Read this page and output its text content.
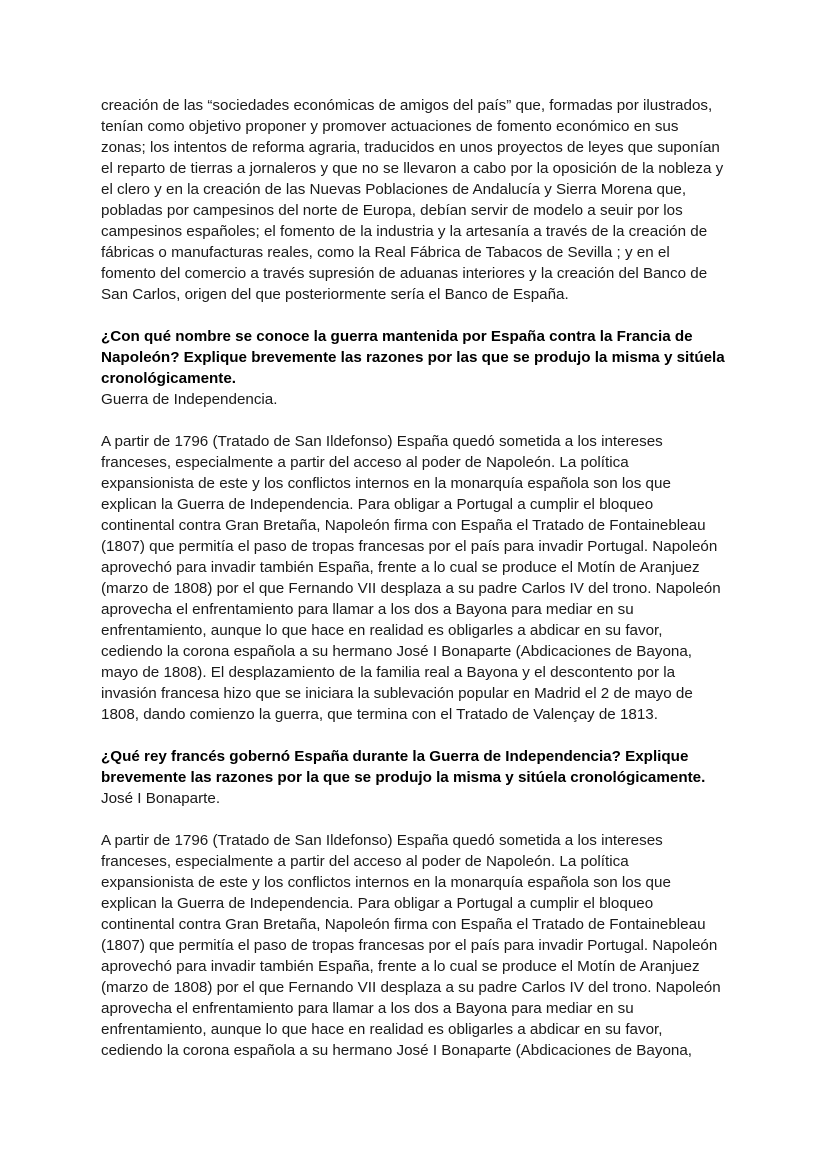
creación de las “sociedades económicas de amigos del país” que, formadas por ilustrados,
tenían como objetivo proponer y promover actuaciones de fomento económico en sus
zonas; los intentos de reforma agraria, traducidos en unos proyectos de leyes que suponían
el reparto de tierras a jornaleros y que no se llevaron a cabo por la oposición de la nobleza y
el clero y en la creación de las Nuevas Poblaciones de Andalucía y Sierra Morena que,
pobladas por campesinos del norte de Europa, debían servir de modelo a seuir por los
campesinos españoles; el fomento de la industria y la artesanía a través de la creación de
fábricas o manufacturas reales, como la Real Fábrica de Tabacos de Sevilla ; y en el
fomento del comercio a través supresión de aduanas interiores y la creación del Banco de
San Carlos, origen del que posteriormente sería el Banco de España.

¿Con qué nombre se conoce la guerra mantenida por España contra la Francia de
Napoleón? Explique brevemente las razones por las que se produjo la misma y sitúela
cronológicamente.

Guerra de Independencia.

A partir de 1796 (Tratado de San Ildefonso) España quedó sometida a los intereses
franceses, especialmente a partir del acceso al poder de Napoleón. La política
expansionista de este y los conflictos internos en la monarquía española son los que
explican la Guerra de Independencia. Para obligar a Portugal a cumplir el bloqueo
continental contra Gran Bretaña, Napoleón firma con España el Tratado de Fontainebleau
(1807) que permitía el paso de tropas francesas por el país para invadir Portugal. Napoleón
aprovechó para invadir también España, frente a lo cual se produce el Motín de Aranjuez
(marzo de 1808) por el que Fernando VII desplaza a su padre Carlos IV del trono. Napoleón
aprovecha el enfrentamiento para llamar a los dos a Bayona para mediar en su
enfrentamiento, aunque lo que hace en realidad es obligarles a abdicar en su favor,
cediendo la corona española a su hermano José I Bonaparte (Abdicaciones de Bayona,
mayo de 1808). El desplazamiento de la familia real a Bayona y el descontento por la
invasión francesa hizo que se iniciara la sublevación popular en Madrid el 2 de mayo de
1808, dando comienzo la guerra, que termina con el Tratado de Valençay de 1813.

¿Qué rey francés gobernó España durante la Guerra de Independencia? Explique
brevemente las razones por la que se produjo la misma y sitúela cronológicamente.

José I Bonaparte.

A partir de 1796 (Tratado de San Ildefonso) España quedó sometida a los intereses
franceses, especialmente a partir del acceso al poder de Napoleón. La política
expansionista de este y los conflictos internos en la monarquía española son los que
explican la Guerra de Independencia. Para obligar a Portugal a cumplir el bloqueo
continental contra Gran Bretaña, Napoleón firma con España el Tratado de Fontainebleau
(1807) que permitía el paso de tropas francesas por el país para invadir Portugal. Napoleón
aprovechó para invadir también España, frente a lo cual se produce el Motín de Aranjuez
(marzo de 1808) por el que Fernando VII desplaza a su padre Carlos IV del trono. Napoleón
aprovecha el enfrentamiento para llamar a los dos a Bayona para mediar en su
enfrentamiento, aunque lo que hace en realidad es obligarles a abdicar en su favor,
cediendo la corona española a su hermano José I Bonaparte (Abdicaciones de Bayona,
